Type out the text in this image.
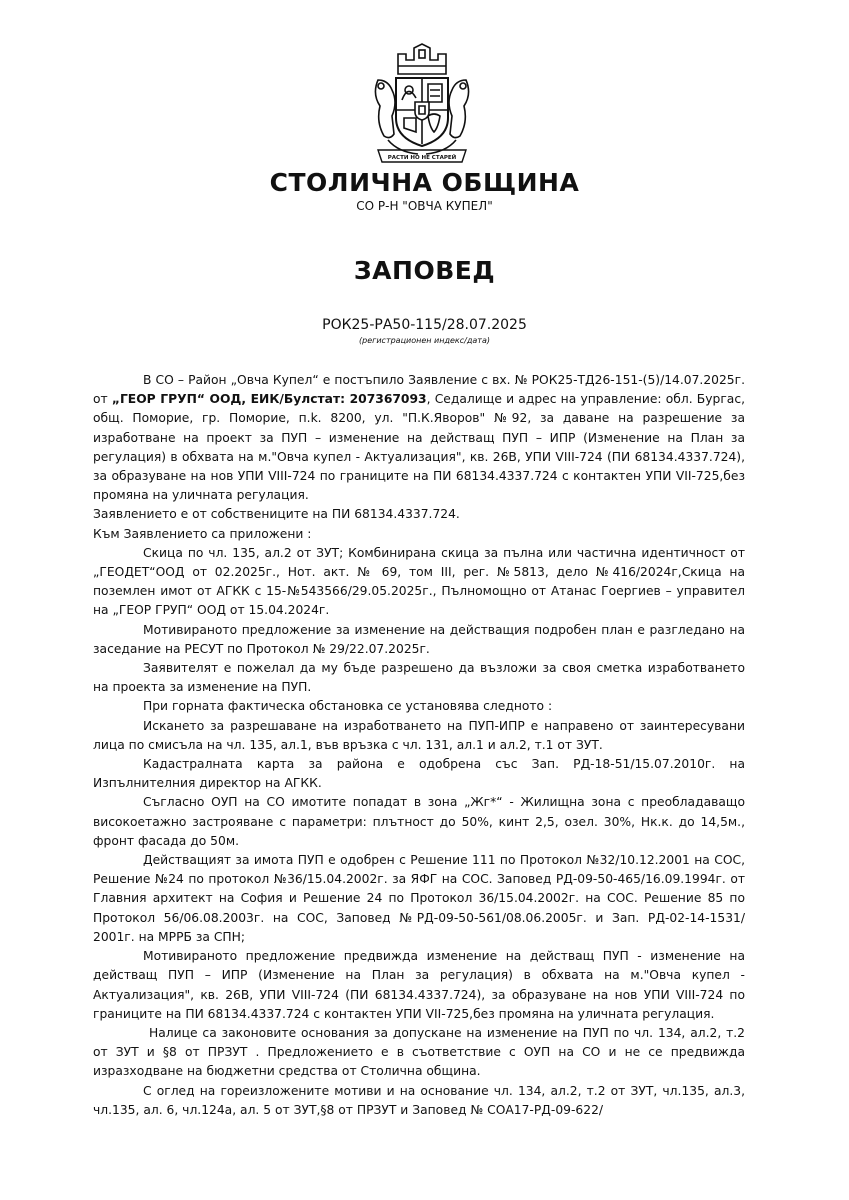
РАСТИ НО НЕ СТАРЕЙ
СТОЛИЧНА ОБЩИНА
СО Р-Н "ОВЧА КУПЕЛ"
ЗАПОВЕД
РОК25-РА50-115/28.07.2025
(регистрационен индекс/дата)

В СО – Район „Овча Купел“ е постъпило Заявление с вх. № РОК25-ТД26-151-(5)/14.07.2025г. от „ГЕОР ГРУП“ ООД, ЕИК/Булстат: 207367093, Седалище и адрес на управление: обл. Бургас, общ. Поморие, гр. Поморие, п.k. 8200, ул. "П.К.Яворов" №92, за даване на разрешение за изработване на проект за ПУП – изменение на действащ ПУП – ИПР (Изменение на План за регулация) в обхвата на м."Овча купел - Актуализация", кв. 26В, УПИ VIII-724 (ПИ 68134.4337.724), за образуване на нов УПИ VIII-724 по границите на ПИ 68134.4337.724 с контактен УПИ VII-725,без промяна на уличната регулация.

Заявлението е от собствениците на ПИ 68134.4337.724.

Към Заявлението са приложени :

Скица по чл. 135, ал.2 от ЗУТ; Комбинирана скица за пълна или частична идентичност от „ГЕОДЕТ“ООД от 02.2025г., Нот. акт. № 69, том III, рег. №5813, дело №416/2024г,Скица на поземлен имот от АГКК с 15-№543566/29.05.2025г., Пълномощно от Атанас Гоергиев – управител на „ГЕОР ГРУП“ ООД от 15.04.2024г.

Мотивираното предложение за изменение на действащия подробен план е разгледано на заседание на РЕСУТ по Протокол № 29/22.07.2025г.

Заявителят е пожелал да му бъде разрешено да възложи за своя сметка изработването на проекта за изменение на ПУП.

При горната фактическа обстановка се установява следното :

Искането за разрешаване на изработването на ПУП-ИПР е направено от заинтересувани лица по смисъла на чл. 135, ал.1, във връзка с чл. 131, ал.1 и ал.2, т.1 от ЗУТ.

Кадастралната карта за района е одобрена със Зап. РД-18-51/15.07.2010г. на Изпълнителния директор на АГКК.

Съгласно ОУП на СО имотите попадат в зона „Жг*“ - Жилищна зона с преобладаващо високоетажно застрояване с параметри: плътност до 50%, кинт 2,5, озел. 30%, Нк.к. до 14,5м., фронт фасада до 50м.

Действащият за имота ПУП е одобрен с Решение 111 по Протокол №32/10.12.2001 на СОС, Решение №24 по протокол №36/15.04.2002г. за ЯФГ на СОС. Заповед РД-09-50-465/16.09.1994г. от Главния архитект на София и Решение 24 по Протокол 36/15.04.2002г. на СОС. Решение 85 по Протокол 56/06.08.2003г. на СОС, Заповед №РД-09-50-561/08.06.2005г. и Зап. РД-02-14-1531/ 2001г. на МРРБ за СПН;

Мотивираното предложение предвижда изменение на действащ ПУП - изменение на действащ ПУП – ИПР (Изменение на План за регулация) в обхвата на м."Овча купел - Актуализация", кв. 26В, УПИ VIII-724 (ПИ 68134.4337.724), за образуване на нов УПИ VIII-724 по границите на ПИ 68134.4337.724 с контактен УПИ VII-725,без промяна на уличната регулация.

Налице са законовите основания за допускане на изменение на ПУП по чл. 134, ал.2, т.2 от ЗУТ и §8 от ПРЗУТ . Предложението е в съответствие с ОУП на СО и не се предвижда изразходване на бюджетни средства от Столична община.

С оглед на гореизложените мотиви и на основание чл. 134, ал.2, т.2 от ЗУТ, чл.135, ал.3, чл.135, ал. 6, чл.124а, ал. 5 от ЗУТ,§8 от ПРЗУТ и Заповед № СОА17-РД-09-622/
